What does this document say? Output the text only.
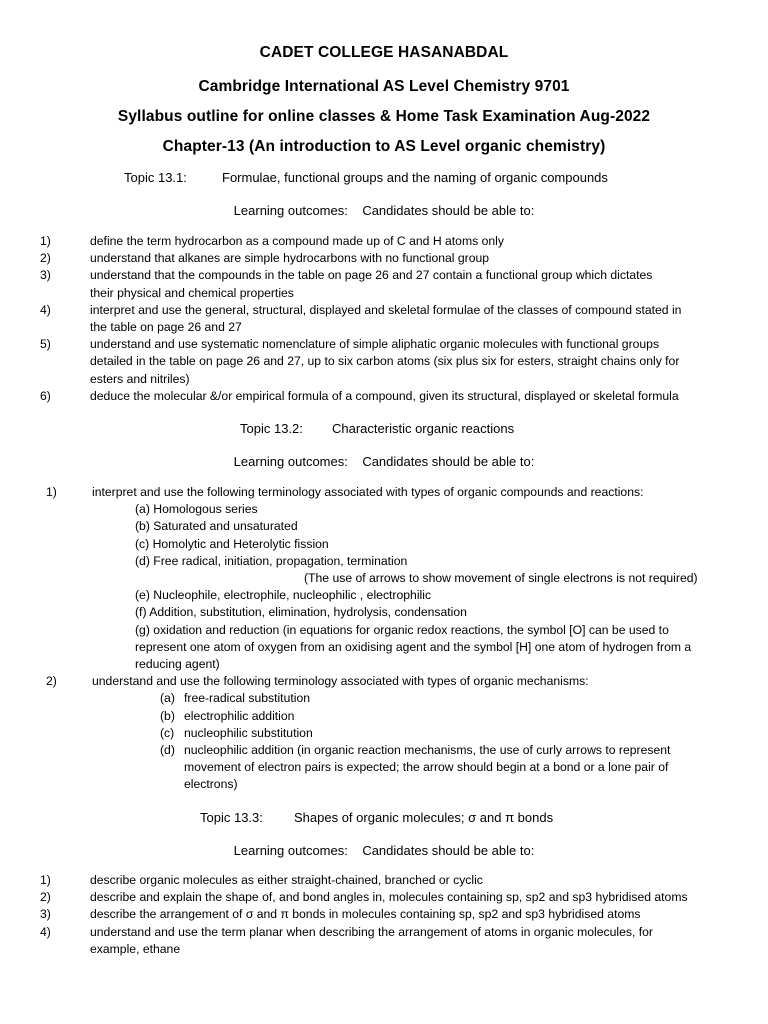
CADET COLLEGE HASANABDAL
Cambridge International AS Level Chemistry 9701
Syllabus outline for online classes & Home Task Examination Aug-2022
Chapter-13 (An introduction to AS Level organic chemistry)
Topic 13.1:	Formulae, functional groups and the naming of organic compounds
Learning outcomes: Candidates should be able to:
1)	define the term hydrocarbon as a compound made up of C and H atoms only
2)	understand that alkanes are simple hydrocarbons with no functional group
3)	understand that the compounds in the table on page 26 and 27 contain a functional group which dictates
their physical and chemical properties
4)	interpret and use the general, structural, displayed and skeletal formulae of the classes of compound stated in
the table on page 26 and 27
5)	understand and use systematic nomenclature of simple aliphatic organic molecules with functional groups
detailed in the table on page 26 and 27, up to six carbon atoms (six plus six for esters, straight chains only for
esters and nitriles)
6)	deduce the molecular &/or empirical formula of a compound, given its structural, displayed or skeletal formula
Topic 13.2: Characteristic organic reactions
Learning outcomes: Candidates should be able to:
1)	interpret and use the following terminology associated with types of organic compounds and reactions:
(a) Homologous series
(b) Saturated and unsaturated
(c) Homolytic and Heterolytic fission
(d) Free radical, initiation, propagation, termination
(The use of arrows to show movement of single electrons is not required)
(e) Nucleophile, electrophile, nucleophilic , electrophilic
(f) Addition, substitution, elimination, hydrolysis, condensation
(g) oxidation and reduction (in equations for organic redox reactions, the symbol [O] can be used to
represent one atom of oxygen from an oxidising agent and the symbol [H] one atom of hydrogen from a
reducing agent)
2)	understand and use the following terminology associated with types of organic mechanisms:
(a) free-radical substitution
(b) electrophilic addition
(c) nucleophilic substitution
(d) nucleophilic addition (in organic reaction mechanisms, the use of curly arrows to represent
movement of electron pairs is expected; the arrow should begin at a bond or a lone pair of
electrons)
Topic 13.3: Shapes of organic molecules; σ and π bonds
Learning outcomes: Candidates should be able to:
1)	describe organic molecules as either straight-chained, branched or cyclic
2)	describe and explain the shape of, and bond angles in, molecules containing sp, sp2 and sp3 hybridised atoms
3)	describe the arrangement of σ and π bonds in molecules containing sp, sp2 and sp3 hybridised atoms
4)	understand and use the term planar when describing the arrangement of atoms in organic molecules, for
example, ethane
